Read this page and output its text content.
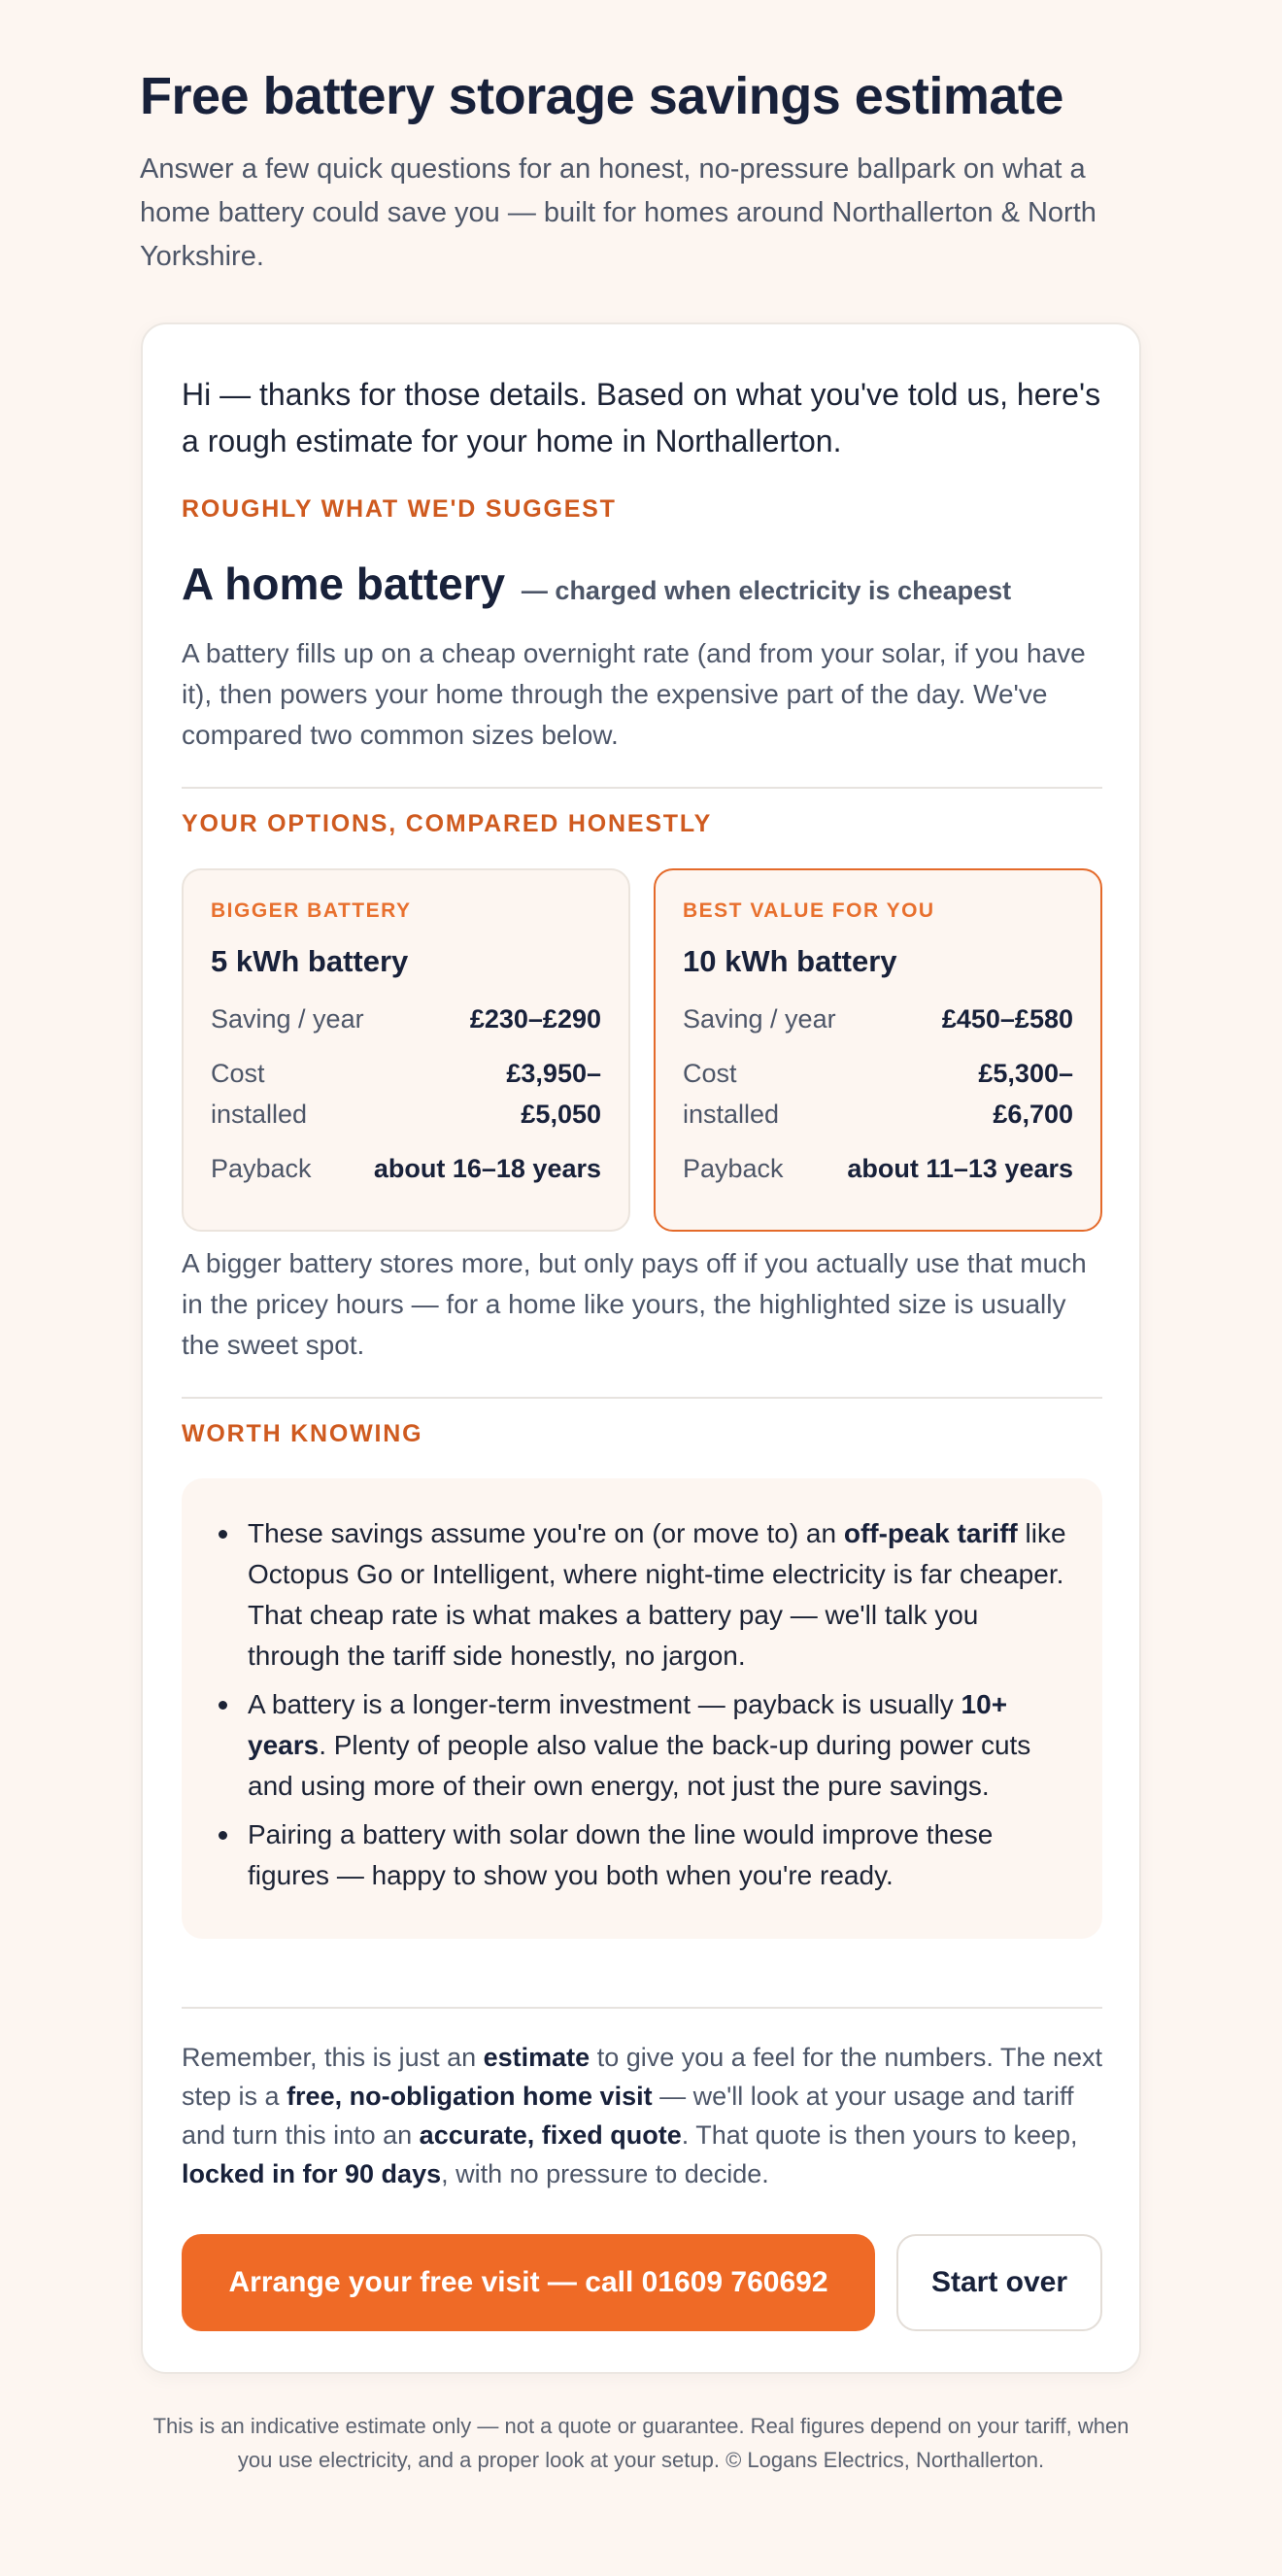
Free battery storage savings estimate

Answer a few quick questions for an honest, no-pressure ballpark on what a home battery could save you — built for homes around Northallerton & North Yorkshire.

Hi — thanks for those details. Based on what you've told us, here's a rough estimate for your home in Northallerton.

ROUGHLY WHAT WE'D SUGGEST
A home battery — charged when electricity is cheapest

A battery fills up on a cheap overnight rate (and from your solar, if you have it), then powers your home through the expensive part of the day. We've compared two common sizes below.

YOUR OPTIONS, COMPARED HONESTLY
BIGGER BATTERY
5 kWh battery
Saving / year	£230–£290
Cost installed
£3,950–£5,050
Payback about 16–18 years
BEST VALUE FOR YOU
10 kWh battery
Saving / year	£450–£580
Cost installed
£5,300–£6,700
Payback about 11–13 years

A bigger battery stores more, but only pays off if you actually use that much in the pricey hours — for a home like yours, the highlighted size is usually the sweet spot.

WORTH KNOWING
These savings assume you're on (or move to) an off-peak tariff like Octopus Go or Intelligent, where night-time electricity is far cheaper. That cheap rate is what makes a battery pay — we'll talk you through the tariff side honestly, no jargon.
A battery is a longer-term investment — payback is usually 10+ years. Plenty of people also value the back-up during power cuts and using more of their own energy, not just the pure savings.
Pairing a battery with solar down the line would improve these figures — happy to show you both when you're ready.

Remember, this is just an estimate to give you a feel for the numbers. The next step is a free, no-obligation home visit — we'll look at your usage and tariff and turn this into an accurate, fixed quote. That quote is then yours to keep, locked in for 90 days, with no pressure to decide.

Arrange your free visit — call 01609 760692	Start over

This is an indicative estimate only — not a quote or guarantee. Real figures depend on your tariff, when you use electricity, and a proper look at your setup. © Logans Electrics, Northallerton.
